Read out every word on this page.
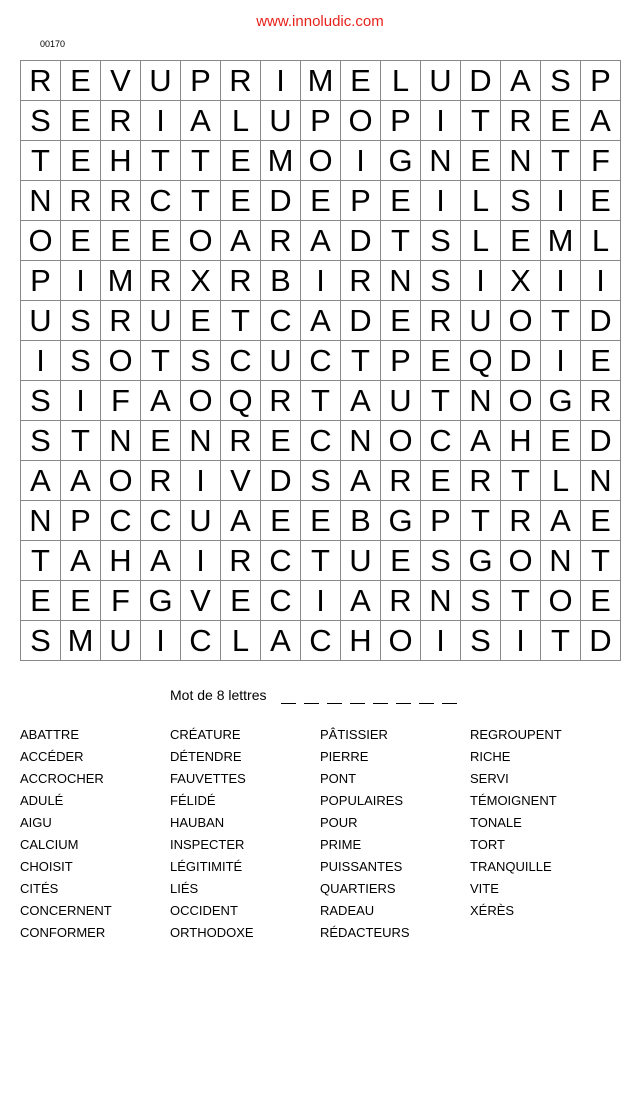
www.innoludic.com
00170
R E V U P R I M E L U D A S P
S E R I A L U P O P I T R E A
T E H T T E M O I G N E N T F
N R R C T E D E P E I L S I E
O E E E O A R A D T S L E M L
P I M R X R B I R N S I X I	I
U S R U E T C A D E R U O T D
I S O T S C U C T P E Q D I E
S I F A O Q R T A U T N O G R
S T N E N R E C N O C A H E D
A A O R I V D S A R E R T L N
N P C C U A E E B G P T R A E
T A H A I R C T U E S G O N T
E E F G V E C I A R N S T O E
S M U I C L A C H O I S I T D
Mot de 8 lettres
ABATTRE
ACCÉDER
ACCROCHER
ADULÉ
AIGU
CALCIUM
CHOISIT
CITÉS
CONCERNENT
CONFORMER
CRÉATURE
DÉTENDRE
FAUVETTES
FÉLIDÉ
HAUBAN
INSPECTER
LÉGITIMITÉ
LIÉS
OCCIDENT
ORTHODOXE
PÂTISSIER
PIERRE
PONT
POPULAIRES
POUR
PRIME
PUISSANTES
QUARTIERS
RADEAU
RÉDACTEURS
REGROUPENT
RICHE
SERVI
TÉMOIGNENT
TONALE
TORT
TRANQUILLE
VITE
XÉRÈS
